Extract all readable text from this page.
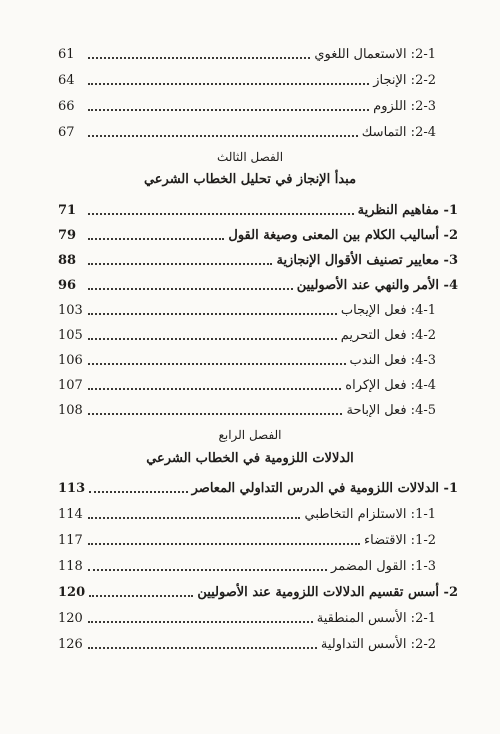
2-1: الاستعمال اللغوي
61
2-2: الإنجاز
64
2-3: اللزوم
66
2-4: التماسك
67
الفصل الثالث
مبدأ الإنجاز في تحليل الخطاب الشرعي
1- مفاهيم النظرية
71
2- أساليب الكلام بين المعنى وصيغة القول
79
3- معايير تصنيف الأقوال الإنجازية
88
4- الأمر والنهي عند الأصوليين
96
4-1: فعل الإيجاب
103
4-2: فعل التحريم
105
4-3: فعل الندب
106
4-4: فعل الإكراه
107
4-5: فعل الإباحة
108
الفصل الرابع
الدلالات اللزومية في الخطاب الشرعي
1- الدلالات اللزومية في الدرس التداولي المعاصر
113
1-1: الاستلزام التخاطبي
114
1-2: الاقتضاء
117
1-3: القول المضمر
118
2- أسس تقسيم الدلالات اللزومية عند الأصوليين
120
2-1: الأسس المنطقية
120
2-2: الأسس التداولية
126
